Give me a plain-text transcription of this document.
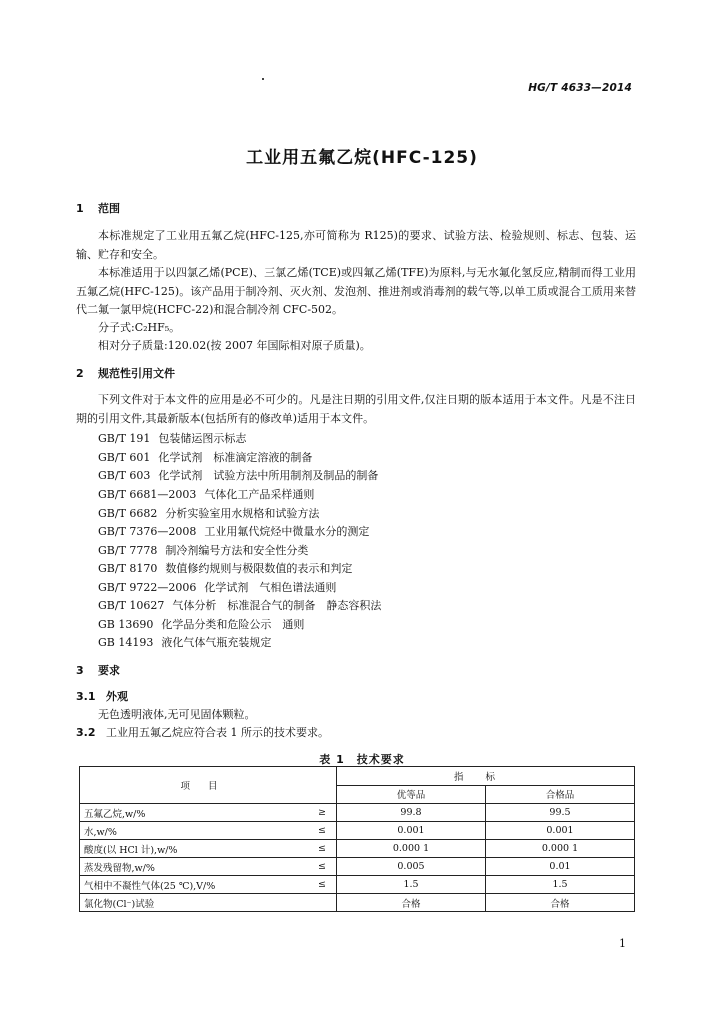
HG/T 4633—2014
工业用五氟乙烷(HFC-125)
1 范围

本标准规定了工业用五氟乙烷(HFC-125,亦可简称为 R125)的要求、试验方法、检验规则、标志、包装、运输、贮存和安全。

本标准适用于以四氯乙烯(PCE)、三氯乙烯(TCE)或四氟乙烯(TFE)为原料,与无水氟化氢反应,精制而得工业用五氟乙烷(HFC-125)。该产品用于制冷剂、灭火剂、发泡剂、推进剂或消毒剂的载气等,以单工质或混合工质用来替代二氟一氯甲烷(HCFC-22)和混合制冷剂 CFC-502。

分子式:C₂HF₅。
相对分子质量:120.02(按 2007 年国际相对原子质量)。
2 规范性引用文件

下列文件对于本文件的应用是必不可少的。凡是注日期的引用文件,仅注日期的版本适用于本文件。凡是不注日期的引用文件,其最新版本(包括所有的修改单)适用于本文件。

GB/T 191 包装储运图示标志
GB/T 601 化学试剂　标准滴定溶液的制备
GB/T 603 化学试剂　试验方法中所用制剂及制品的制备
GB/T 6681—2003 气体化工产品采样通则
GB/T 6682 分析实验室用水规格和试验方法
GB/T 7376—2008 工业用氟代烷烃中微量水分的测定
GB/T 7778 制冷剂编号方法和安全性分类
GB/T 8170 数值修约规则与极限数值的表示和判定
GB/T 9722—2006 化学试剂　气相色谱法通则
GB/T 10627 气体分析　标准混合气的制备　静态容积法
GB 13690 化学品分类和危险公示　通则
GB 14193 液化气体气瓶充装规定
3 要求
3.1 外观
无色透明液体,无可见固体颗粒。
3.2 工业用五氟乙烷应符合表 1 所示的技术要求。
表 1　技术要求
项目		指标	
		优等品	合格品
五氟乙烷,w/%	≥	99.8	99.5
水,w/%	≤	0.001	0.001
酸度(以 HCl 计),w/%	≤	0.000 1	0.000 1
蒸发残留物,w/%	≤	0.005	0.01
气相中不凝性气体(25 ℃),V/%	≤	1.5	1.5
氯化物(Cl⁻)试验		合格	合格
1
